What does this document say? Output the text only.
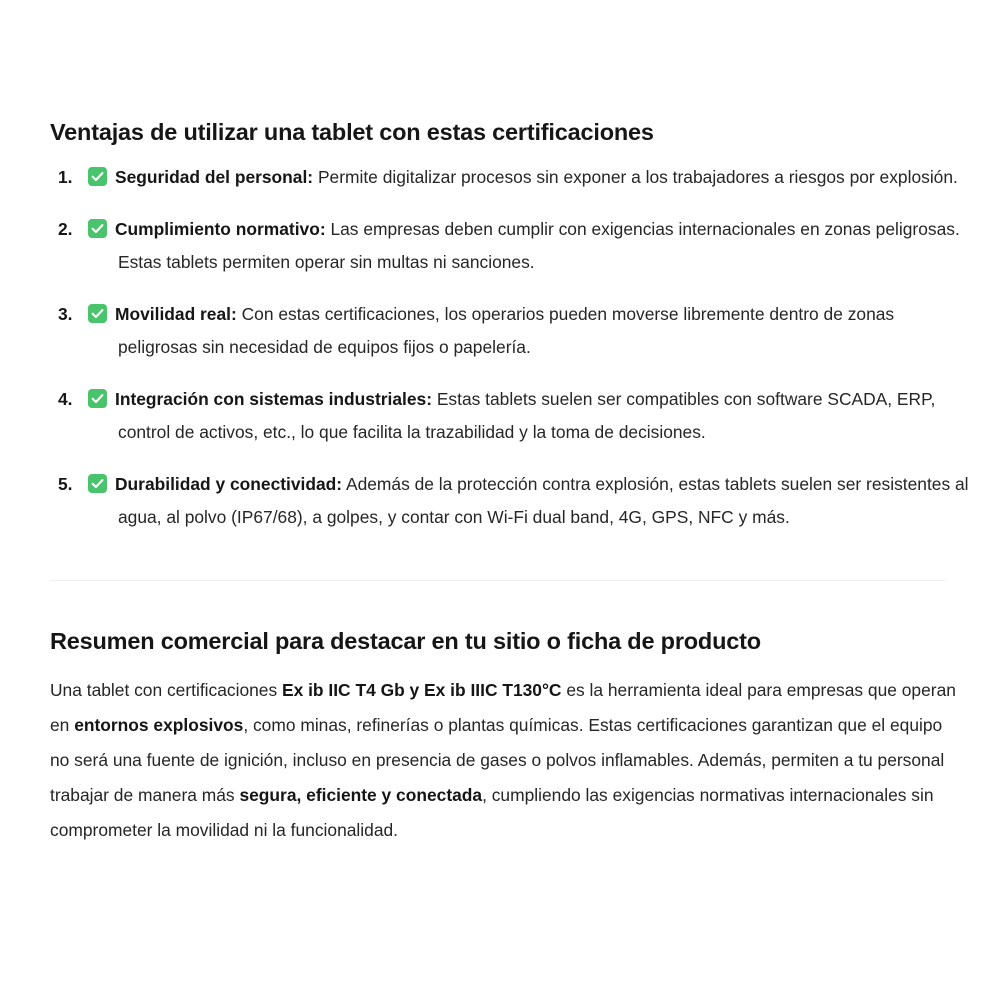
Ventajas de utilizar una tablet con estas certificaciones
Seguridad del personal: Permite digitalizar procesos sin exponer a los trabajadores a riesgos por explosión.
Cumplimiento normativo: Las empresas deben cumplir con exigencias internacionales en zonas peligrosas. Estas tablets permiten operar sin multas ni sanciones.
Movilidad real: Con estas certificaciones, los operarios pueden moverse libremente dentro de zonas peligrosas sin necesidad de equipos fijos o papelería.
Integración con sistemas industriales: Estas tablets suelen ser compatibles con software SCADA, ERP, control de activos, etc., lo que facilita la trazabilidad y la toma de decisiones.
Durabilidad y conectividad: Además de la protección contra explosión, estas tablets suelen ser resistentes al agua, al polvo (IP67/68), a golpes, y contar con Wi-Fi dual band, 4G, GPS, NFC y más.
Resumen comercial para destacar en tu sitio o ficha de producto

Una tablet con certificaciones Ex ib IIC T4 Gb y Ex ib IIIC T130°C es la herramienta ideal para empresas que operan en entornos explosivos, como minas, refinerías o plantas químicas. Estas certificaciones garantizan que el equipo no será una fuente de ignición, incluso en presencia de gases o polvos inflamables. Además, permiten a tu personal trabajar de manera más segura, eficiente y conectada, cumpliendo las exigencias normativas internacionales sin comprometer la movilidad ni la funcionalidad.
